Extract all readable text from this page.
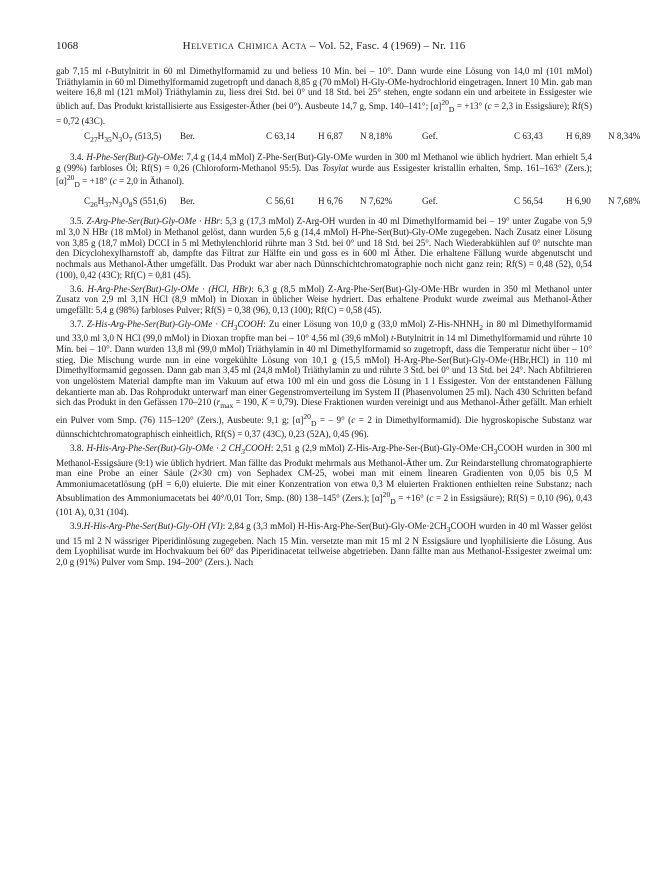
1068	Helvetica Chimica Acta – Vol. 52, Fasc. 4 (1969) – Nr. 116

gab 7,15 ml t-Butylnitrit in 60 ml Dimethylformamid zu und beliess 10 Min. bei – 10°. Dann wurde eine Lösung von 14,0 ml (101 mMol) Triäthylamin in 60 ml Dimethylformamid zugetropft und danach 8,85 g (70 mMol) H-Gly-OMe-hydrochlorid eingetragen. Innert 10 Min. gab man weitere 16,8 ml (121 mMol) Triäthylamin zu, liess drei Std. bei 0° und 18 Std. bei 25° stehen, engte sodann ein und arbeitete in Essigester wie üblich auf. Das Produkt kristallisierte aus Essigester-Äther (bei 0°). Ausbeute 14,7 g, Smp. 140–141°; $[\alpha]^{20}_D = +13^\circ$ (c = 2,3 in Essigsäure); Rf(S) = 0,72 (43C).

$C_{27}H_{35}N_3O_7$ (513,5) Ber.	C 63,14	H 6,87 N 8,18%	Gef.	C 63,43	H 6,89 N 8,34%

3.4. H-Phe-Ser(But)-Gly-OMe: 7,4 g (14,4 mMol) Z-Phe-Ser(But)-Gly-OMe wurden in 300 ml Methanol wie üblich hydriert. Man erhielt 5,4 g (99%) farbloses Öl; Rf(S) = 0,26 (Chloroform-Methanol 95:5). Das Tosylat wurde aus Essigester kristallin erhalten, Smp. 161–163° (Zers.); $[\alpha]^{20}_D = +18^\circ$ (c = 2,0 in Äthanol).

$C_{26}H_{37}N_3O_8S$ (551,6) Ber.	C 56,61	H 6,76 N 7,62%	Gef.	C 56,54	H 6,90 N 7,68%

3.5. Z-Arg-Phe-Ser(But)-Gly-OMe · HBr: 5,3 g (17,3 mMol) Z-Arg-OH wurden in 40 ml Dimethylformamid bei – 19° unter Zugabe von 5,9 ml 3,0 N HBr (18 mMol) in Methanol gelöst, dann wurden 5,6 g (14,4 mMol) H-Phe-Ser(But)-Gly-OMe zugegeben. Nach Zusatz einer Lösung von 3,85 g (18,7 mMol) DCCI in 5 ml Methylenchlorid rührte man 3 Std. bei 0° und 18 Std. bei 25°. Nach Wiederabkühlen auf 0° nutschte man den Dicyclohexylharnstoff ab, dampfte das Filtrat zur Hälfte ein und goss es in 600 ml Äther. Die erhaltene Fällung wurde abgenutscht und nochmals aus Methanol-Äther umgefällt. Das Produkt war aber nach Dünnschichtchromatographie noch nicht ganz rein; Rf(S) = 0,48 (52), 0,54 (100), 0,42 (43C); Rf(C) = 0,81 (45).

3.6. H-Arg-Phe-Ser(But)-Gly-OMe · (HCl, HBr): 6,3 g (8,5 mMol) Z-Arg-Phe-Ser(But)-Gly-OMe·HBr wurden in 350 ml Methanol unter Zusatz von 2,9 ml 3,1N HCl (8,9 mMol) in Dioxan in üblicher Weise hydriert. Das erhaltene Produkt wurde zweimal aus Methanol-Äther umgefällt: 5,4 g (98%) farbloses Pulver; Rf(S) = 0,38 (96), 0,13 (100); Rf(C) = 0,58 (45).

3.7. $Z-His-Arg-Phe-Ser(But)-Gly-OMe \cdot CH_3COOH$: Zu einer Lösung von 10,0 g (33,0 mMol) $Z-His-NHNH_2$ in 80 ml Dimethylformamid und 33,0 ml 3,0 N HCl (99,0 mMol) in Dioxan tropfte man bei – 10° 4,56 ml (39,6 mMol) t-Butylnitrit in 14 ml Dimethylformamid und rührte 10 Min. bei – 10°. Dann wurden 13,8 ml (99,0 mMol) Triäthylamin in 40 ml Dimethylformamid so zugetropft, dass die Temperatur nicht über – 10° stieg. Die Mischung wurde nun in eine vorgekühlte Lösung von 10,1 g (15,5 mMol) H-Arg-Phe-Ser(But)-Gly-OMe·(HBr,HCl) in 110 ml Dimethylformamid gegossen. Dann gab man 3,45 ml (24,8 mMol) Triäthylamin zu und rührte 3 Std. bei 0° und 13 Std. bei 24°. Nach Abfiltrieren von ungelöstem Material dampfte man im Vakuum auf etwa 100 ml ein und goss die Lösung in 1 l Essigester. Von der entstandenen Fällung dekantierte man ab. Das Rohprodukt unterwarf man einer Gegenstromverteilung im System II (Phasenvolumen 25 ml). Nach 430 Schritten befand sich das Produkt in den Gefässen 170–210 ($r_{max} = 190$, K = 0,79). Diese Fraktionen wurden vereinigt und aus Methanol-Äther gefällt. Man erhielt ein Pulver vom Smp. (76) 115–120° (Zers.), Ausbeute: 9,1 g; $[\alpha]^{20}_D$ = – 9° (c = 2 in Dimethylformamid). Die hygroskopische Substanz war dünnschichtchromatographisch einheitlich, Rf(S) = 0,37 (43C), 0,23 (52A), 0,45 (96).

3.8. H-His-Arg-Phe-Ser(But)-Gly-OMe · 2 $CH_3COOH$: 2,51 g (2,9 mMol) $Z-His-Arg-Phe-Ser-(But)-Gly-OMe\cdot CH_3COOH$ wurden in 300 ml Methanol-Essigsäure (9:1) wie üblich hydriert. Man fällte das Produkt mehrmals aus Methanol-Äther um. Zur Reindarstellung chromatographierte man eine Probe an einer Säule (2×30 cm) von Sephadex CM-25, wobei man mit einem linearen Gradienten von 0,05 bis 0,5 M Ammoniumacetatlösung (pH = 6,0) eluierte. Die mit einer Konzentration von etwa 0,3 M eluierten Fraktionen enthielten reine Substanz; nach Absublimation des Ammoniumacetats bei 40°/0,01 Torr, Smp. (80) 138–145° (Zers.); $[\alpha]^{20}_D = +16^\circ$ (c = 2 in Essigsäure); Rf(S) = 0,10 (96), 0,43 (101 A), 0,31 (104).

3.9.H-His-Arg-Phe-Ser(But)-Gly-OH (VI): 2,84 g (3,3 mMol) $H-His-Arg-Phe-Ser(But)-Gly-OMe\cdot 2CH_3COOH$ wurden in 40 ml Wasser gelöst und 15 ml 2 N wässriger Piperidinlösung zugegeben. Nach 15 Min. versetzte man mit 15 ml 2 N Essigsäure und lyophilisierte die Lösung. Aus dem Lyophilisat wurde im Hochvakuum bei 60° das Piperidinacetat teilweise abgetrieben. Dann fällte man aus Methanol-Essigester zweimal um: 2,0 g (91%) Pulver vom Smp. 194–200° (Zers.). Nach
